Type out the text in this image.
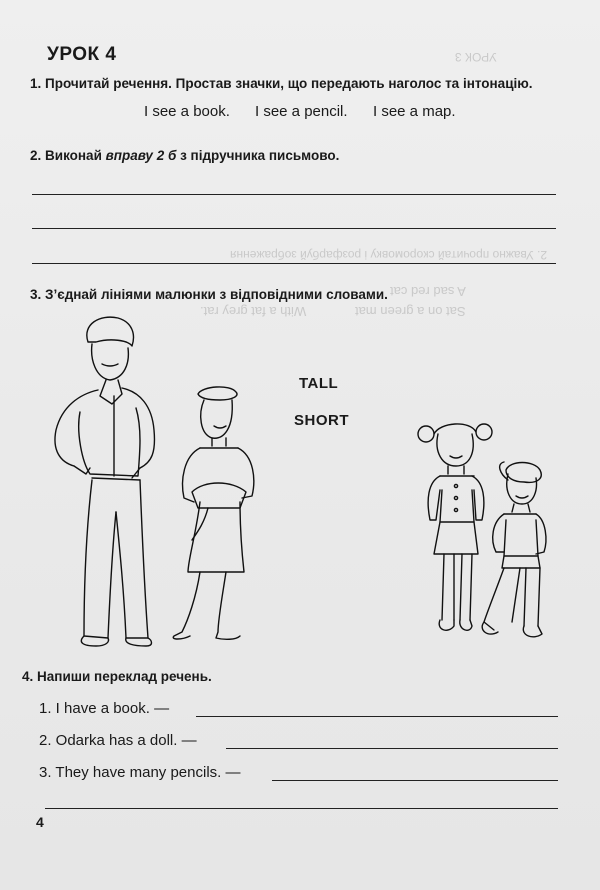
УРОК 3
2. Уважно прочитай скоромовку і розфарбуй зображення
A sad red cat
Sat on a green mat
With a fat grey rat.
УРОК 4
1. Прочитай речення. Простав значки, що передають наголос та інтонацію.
I see a book. I see a pencil. I see a map.
2. Виконай вправу 2 б з підручника письмово.
3. З’єднай лініями малюнки з відповідними словами.
TALL
SHORT
4. Напиши переклад речень.
1. I have a book. —
2. Odarka has a doll. —
3. They have many pencils. —
4
